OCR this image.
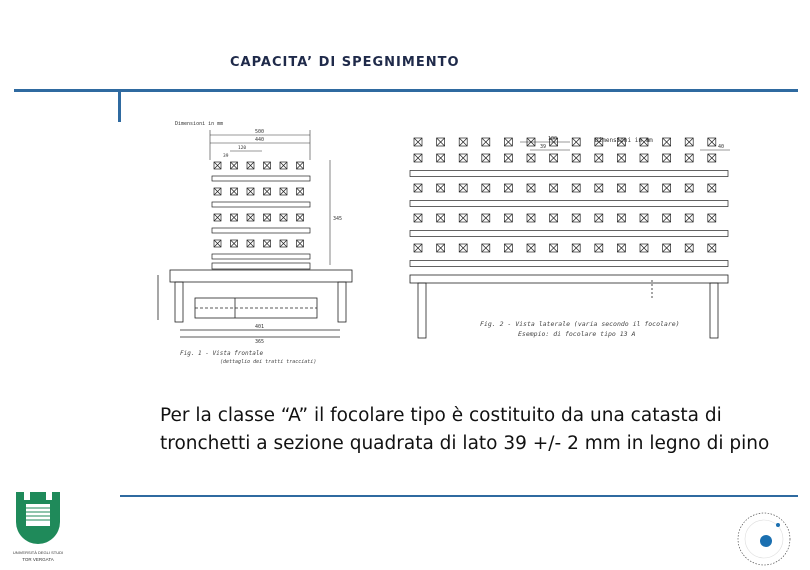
CAPACITA’ DI SPEGNIMENTO
Dimensioni in mm
500
440
120
39
345
401
365
Fig. 1 - Vista frontale
(dettaglio dei tratti tracciati)
Dimensioni in mm
100
39	40
Fig. 2 - Vista laterale (varia secondo il focolare)
Esempio: di focolare tipo 13 A
Per la classe “A” il focolare tipo è costituito da una catasta di tronchetti a sezione quadrata di lato 39 +/- 2 mm in legno di pino
UNIVERSITÀ DEGLI STUDI
TOR VERGATA
